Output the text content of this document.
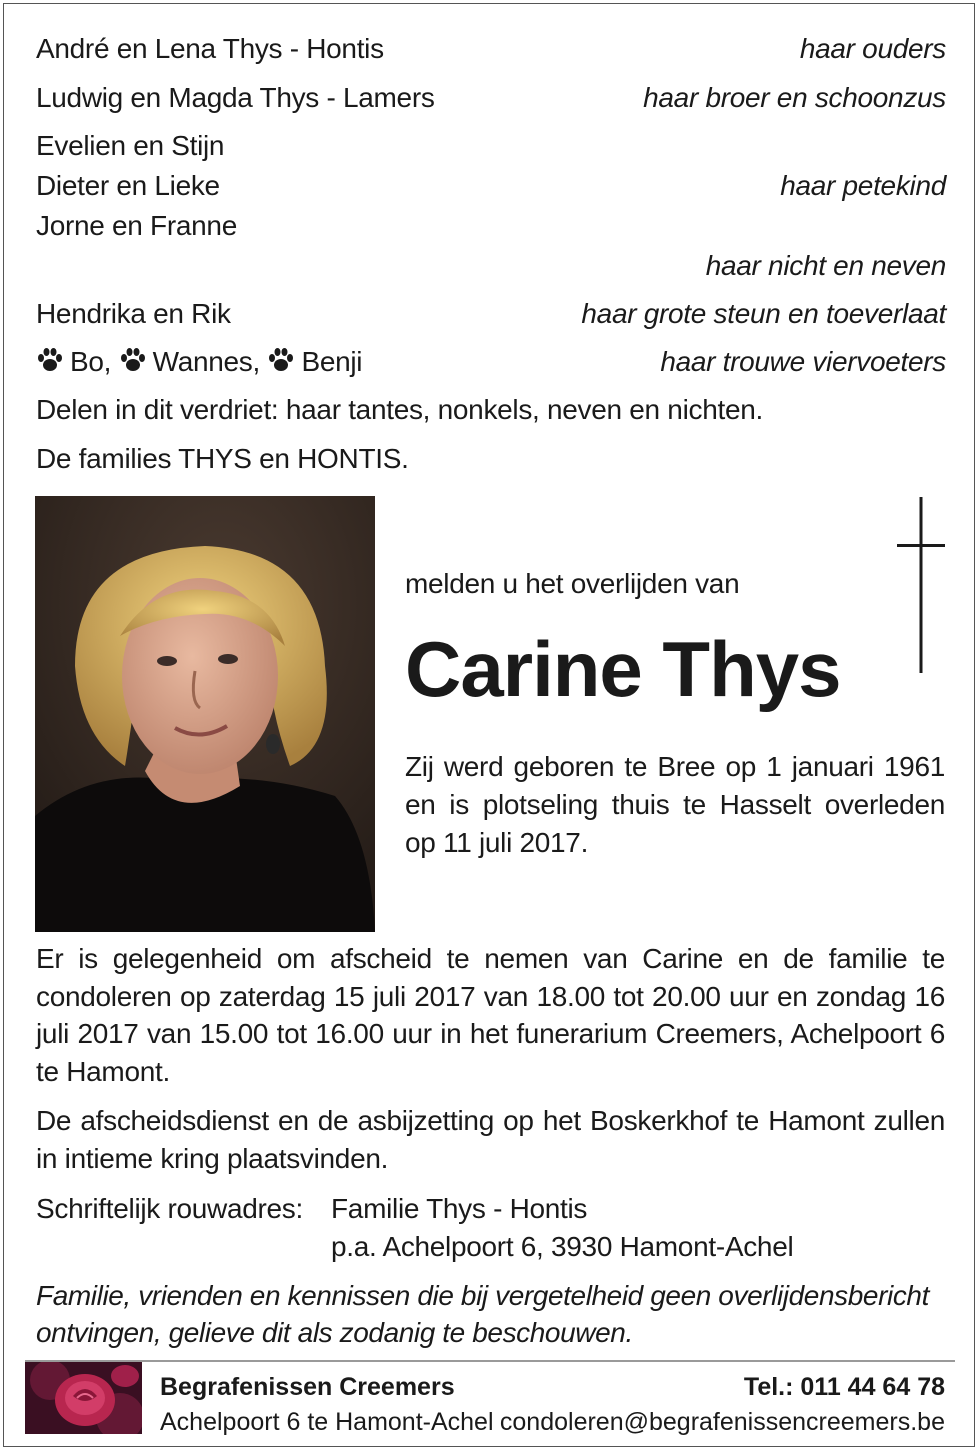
André en Lena Thys - Hontis	haar ouders
Ludwig en Magda Thys - Lamers	haar broer en schoonzus
Evelien en Stijn
Dieter en Lieke	haar petekind
Jorne en Franne
haar nicht en neven
Hendrika en Rik	haar grote steun en toeverlaat
Bo, Wannes, Benji	haar trouwe viervoeters
Delen in dit verdriet: haar tantes, nonkels, neven en nichten.
De families THYS en HONTIS.
melden u het overlijden van
Carine Thys
Zij werd geboren te Bree op 1 januari 1961 en is plotseling thuis te Hasselt overleden op 11 juli 2017.
Er is gelegenheid om afscheid te nemen van Carine en de familie te condoleren op zaterdag 15 juli 2017 van 18.00 tot 20.00 uur en zondag 16 juli 2017 van 15.00 tot 16.00 uur in het funerarium Creemers, Achelpoort 6 te Hamont.
De afscheidsdienst en de asbijzetting op het Boskerkhof te Hamont zullen in intieme kring plaatsvinden.
Schriftelijk rouwadres: Familie Thys - Hontis
p.a. Achelpoort 6, 3930 Hamont-Achel
Familie, vrienden en kennissen die bij vergetelheid geen overlijdensbericht ontvingen, gelieve dit als zodanig te beschouwen.
Begrafenissen Creemers
Achelpoort 6 te Hamont-Achel
Tel.: 011 44 64 78
condoleren@begrafenissencreemers.be
